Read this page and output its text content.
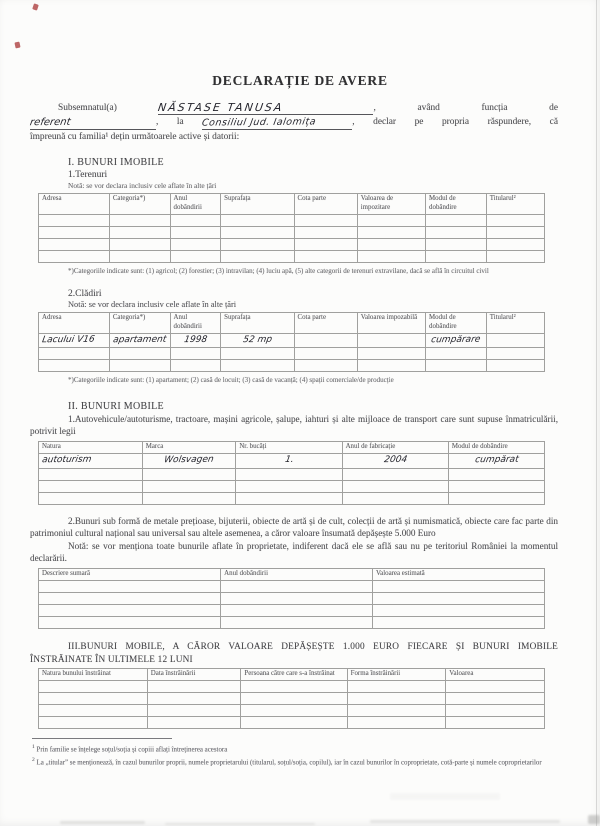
DECLARAȚIE DE AVERE
Subsemnatul(a)	NĂSTASE TANUSA	, având funcția de
referent	, la Consiliul Jud. Ialomița	, declar pe propria răspundere, că
împreună cu familia¹ dețin următoarele active și datorii:
I. BUNURI IMOBILE
1.Terenuri
Notă: se vor declara inclusiv cele aflate în alte țări
Adresa	Categoria*)	Anul dobândirii	Suprafața	Cota parte	Valoarea de impozitare	Modul de dobândire	Titularul²

*)Categoriile indicate sunt: (1) agricol; (2) forestier; (3) intravilan; (4) luciu apă, (5) alte categorii de terenuri extravilane, dacă se află în circuitul civil

2.Clădiri
Notă: se vor declara inclusiv cele aflate în alte țări
Adresa	Categoria*)	Anul dobândirii	Suprafața	Cota parte	Valoarea impozabilă	Modul de dobândire	Titularul²
Lacului V16	apartament	1998	52 mp			cumpărare	

*)Categoriile indicate sunt: (1) apartament; (2) casă de locuit; (3) casă de vacanță; (4) spații comerciale/de producție

II. BUNURI MOBILE

1.Autovehicule/autoturisme, tractoare, mașini agricole, șalupe, iahturi și alte mijloace de transport care sunt supuse înmatriculării, potrivit legii

Natura	Marca	Nr. bucăți	Anul de fabricație	Modul de dobândire
autoturism	Wolsvagen	1.	2004	cumpărat

2.Bunuri sub formă de metale prețioase, bijuterii, obiecte de artă și de cult, colecții de artă și numismatică, obiecte care fac parte din patrimoniul cultural național sau universal sau altele asemenea, a căror valoare însumată depășește 5.000 Euro

Notă: se vor menționa toate bunurile aflate în proprietate, indiferent dacă ele se află sau nu pe teritoriul României la momentul declarării.

Descriere sumară	Anul dobândirii	Valoarea estimată

III.BUNURI MOBILE, A CĂROR VALOARE DEPĂȘEȘTE 1.000 EURO FIECARE ȘI BUNURI IMOBILE ÎNSTRĂINATE ÎN ULTIMELE 12 LUNI

Natura bunului înstrăinat	Data înstrăinării	Persoana către care s-a înstrăinat	Forma înstrăinării	Valoarea

$^1$ Prin familie se înțelege soțul/soția și copiii aflați întreținerea acestora
$^2$ La „titular” se menționează, în cazul bunurilor proprii, numele proprietarului (titularul, soțul/soția, copilul), iar în cazul bunurilor în coproprietate, cotă-parte și numele coproprietarilor
